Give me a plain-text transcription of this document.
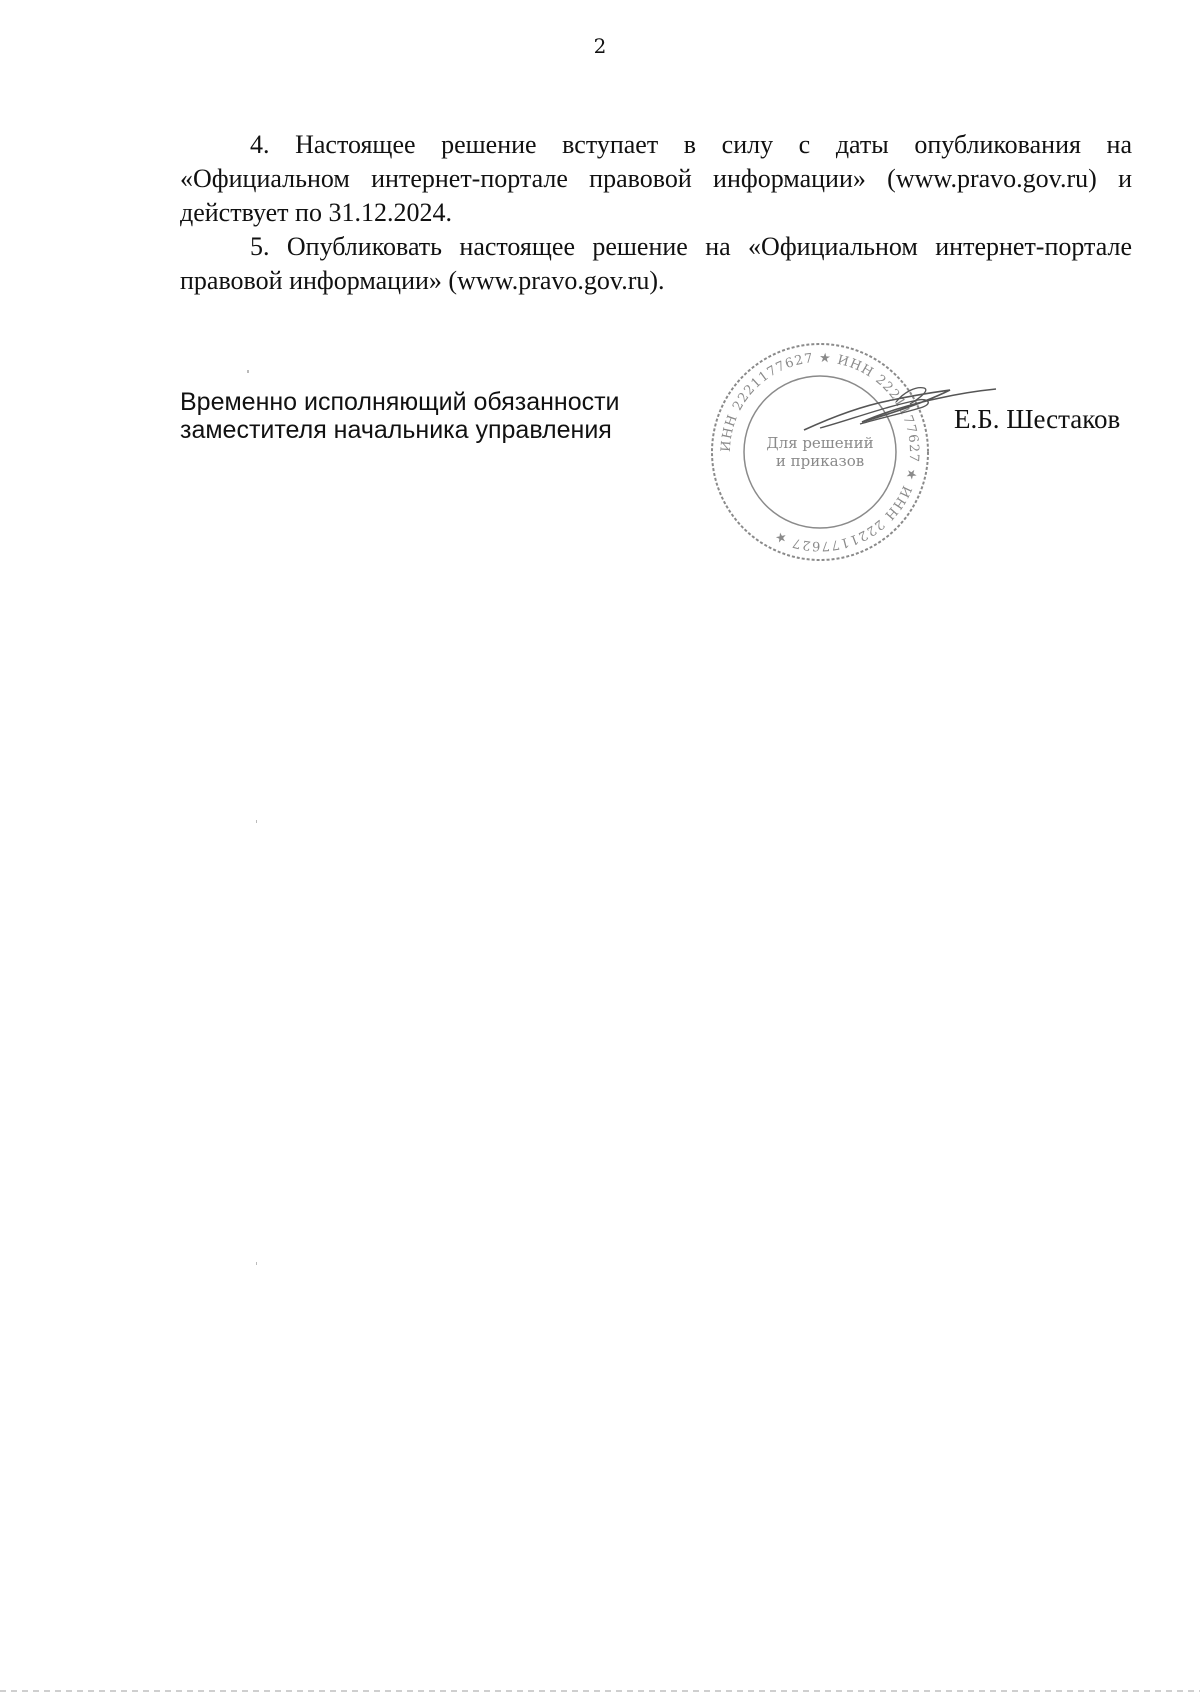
2

4. Настоящее решение вступает в силу с даты опубликования на «Официальном интернет-портале правовой информации» (www.pravo.gov.ru) и действует по 31.12.2024.

5. Опубликовать настоящее решение на «Официальном интернет-портале правовой информации» (www.pravo.gov.ru).

Временно исполняющий обязанности
заместителя начальника управления
ИНН 2221177627 ★ ИНН 2221177627 ★ ИНН 2221177627 ★
Для решений
и приказов
Е.Б. Шестаков
